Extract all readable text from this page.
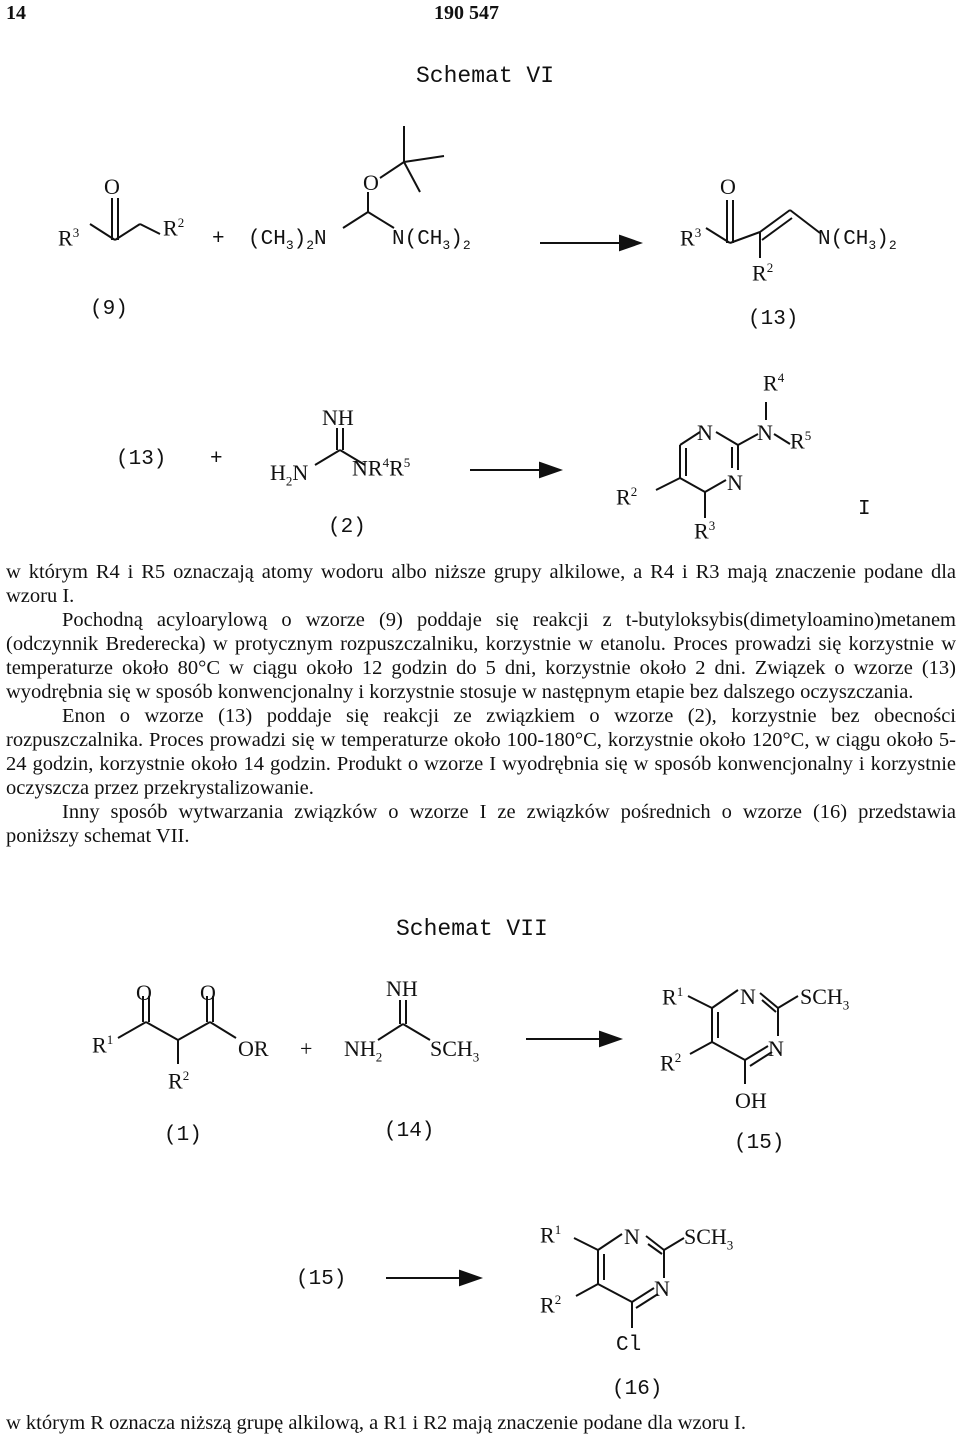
14	190 547
Schemat VI
$R^3$
O
$R^2$
+ $(CH_3)_2N$	$N(CH_3)_2$
O
$R^3$
O
$N(CH_3)_2$
$R^2$
(9)	(13)
(13) +
NH
$H_2N$ $NR^4R^5$
(2)
$R^4$
N N $R^5$
N
$R^2$
$R^3$
I

w którym R4 i R5 oznaczają atomy wodoru albo niższe grupy alkilowe, a R4 i R3 mają znaczenie podane dla wzoru I.

Pochodną acyloarylową o wzorze (9) poddaje się reakcji z t-butyloksybis(dimetyloamino)metanem (odczynnik Brederecka) w protycznym rozpuszczalniku, korzystnie w etanolu. Proces prowadzi się korzystnie w temperaturze około 80°C w ciągu około 12 godzin do 5 dni, korzystnie około 2 dni. Związek o wzorze (13) wyodrębnia się w sposób konwencjonalny i korzystnie stosuje w następnym etapie bez dalszego oczyszczania.

Enon o wzorze (13) poddaje się reakcji ze związkiem o wzorze (2), korzystnie bez obecności rozpuszczalnika. Proces prowadzi się w temperaturze około 100-180°C, korzystnie około 120°C, w ciągu około 5-24 godzin, korzystnie około 14 godzin. Produkt o wzorze I wyodrębnia się w sposób konwencjonalny i korzystnie oczyszcza przez przekrystalizowanie.

Inny sposób wytwarzania związków o wzorze I ze związków pośrednich o wzorze (16) przedstawia poniższy schemat VII.

Schemat VII
O O
$R^1$	OR
$R^2$
+
NH
$NH_2$ $SCH_3$
$R^1$	N $SCH_3$
N
$R^2$
OH
(1)	(14)
(15)
$R^1$	N $SCH_3$
N
$R^2$
Cl
(15)
(16)
w którym R oznacza niższą grupę alkilową, a R1 i R2 mają znaczenie podane dla wzoru I.
